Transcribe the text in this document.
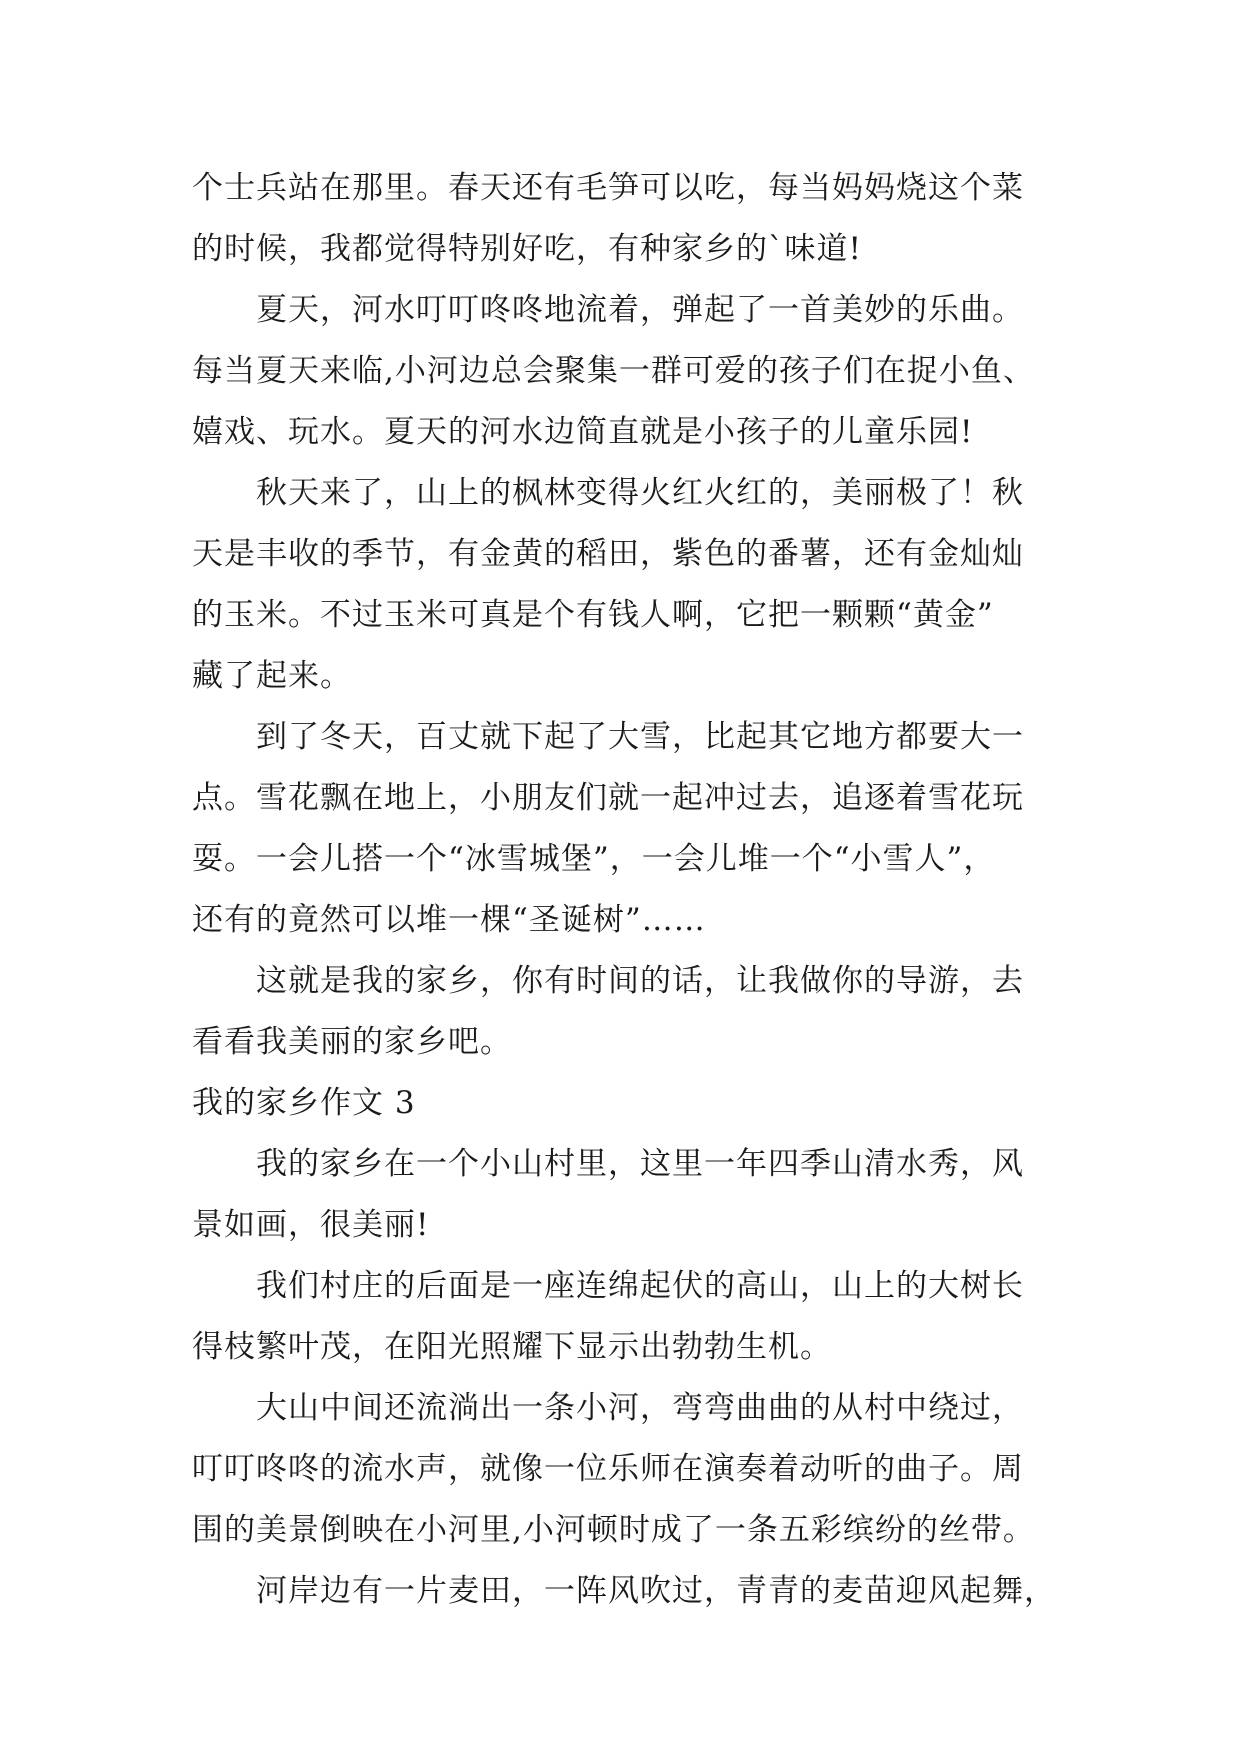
个士兵站在那里。春天还有毛笋可以吃，每当妈妈烧这个菜
的时候，我都觉得特别好吃，有种家乡的`味道!
夏天，河水叮叮咚咚地流着，弹起了一首美妙的乐曲。
每当夏天来临,小河边总会聚集一群可爱的孩子们在捉小鱼、
嬉戏、玩水。夏天的河水边简直就是小孩子的儿童乐园!
秋天来了，山上的枫林变得火红火红的，美丽极了！秋
天是丰收的季节，有金黄的稻田，紫色的番薯，还有金灿灿
的玉米。不过玉米可真是个有钱人啊，它把一颗颗“黄金”
藏了起来。
到了冬天，百丈就下起了大雪，比起其它地方都要大一
点。雪花飘在地上，小朋友们就一起冲过去，追逐着雪花玩
耍。一会儿搭一个“冰雪城堡”，一会儿堆一个“小雪人”，
还有的竟然可以堆一棵“圣诞树”……
这就是我的家乡，你有时间的话，让我做你的导游，去
看看我美丽的家乡吧。
我的家乡作文 3
我的家乡在一个小山村里，这里一年四季山清水秀，风
景如画，很美丽!
我们村庄的后面是一座连绵起伏的高山，山上的大树长
得枝繁叶茂，在阳光照耀下显示出勃勃生机。
大山中间还流淌出一条小河，弯弯曲曲的从村中绕过，
叮叮咚咚的流水声，就像一位乐师在演奏着动听的曲子。周
围的美景倒映在小河里,小河顿时成了一条五彩缤纷的丝带。
河岸边有一片麦田，一阵风吹过，青青的麦苗迎风起舞，
